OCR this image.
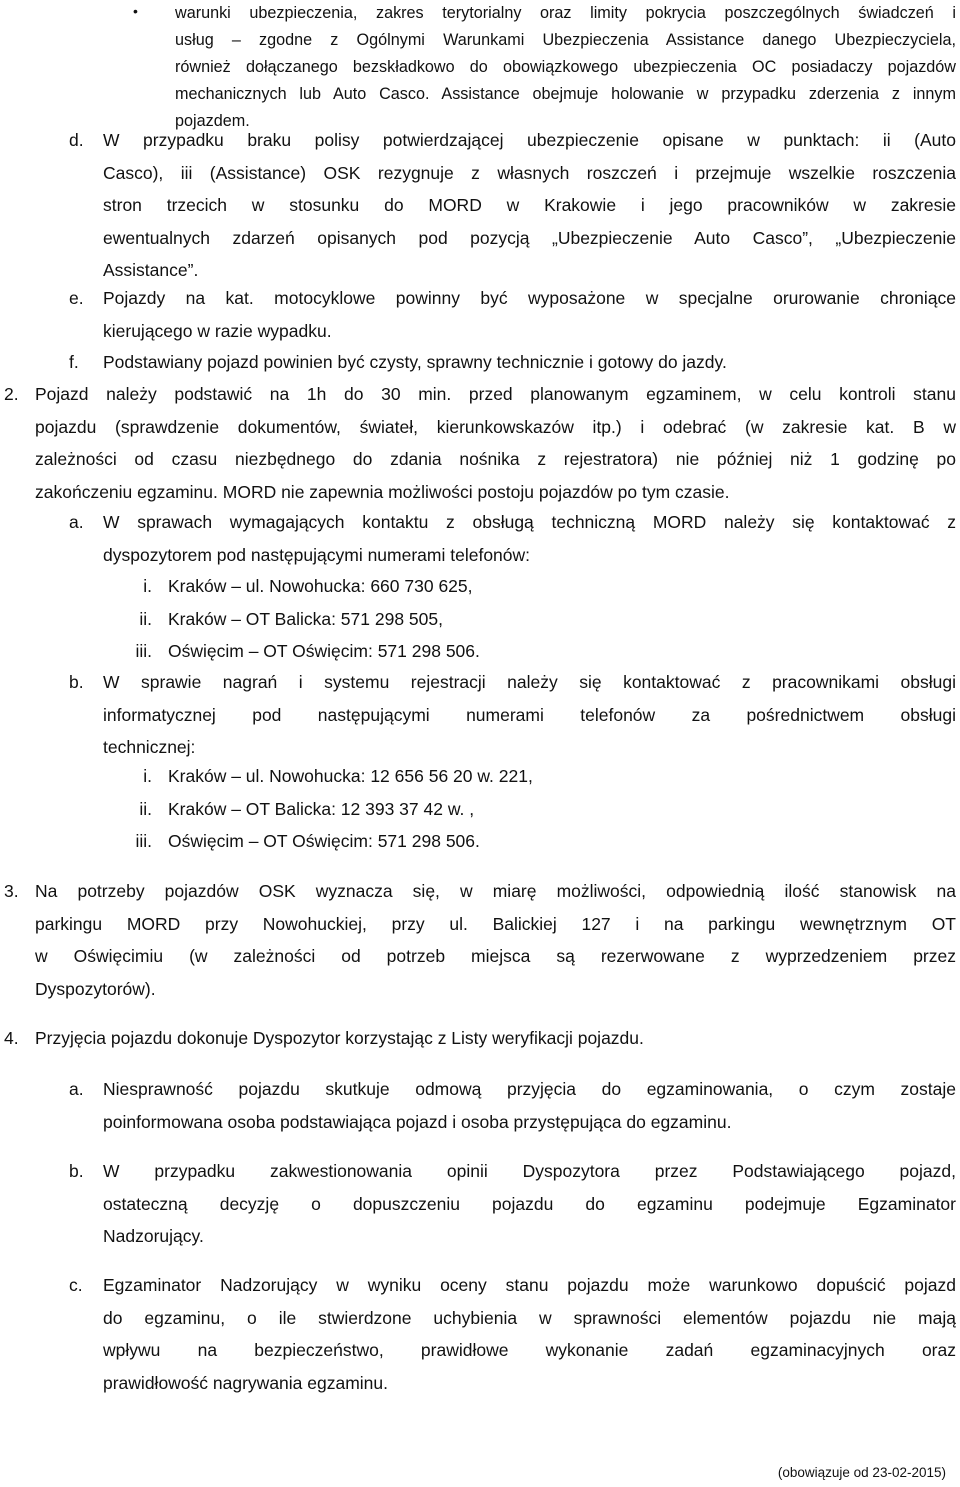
• warunki ubezpieczenia, zakres terytorialny oraz limity pokrycia poszczególnych świadczeń i
usług – zgodne z Ogólnymi Warunkami Ubezpieczenia Assistance danego Ubezpieczyciela,
również dołączanego bezskładkowo do obowiązkowego ubezpieczenia OC posiadaczy pojazdów
mechanicznych lub Auto Casco. Assistance obejmuje holowanie w przypadku zderzenia z innym
pojazdem.
d. W przypadku braku polisy potwierdzającej ubezpieczenie opisane w punktach: ii (Auto
Casco), iii (Assistance) OSK rezygnuje z własnych roszczeń i przejmuje wszelkie roszczenia
stron trzecich w stosunku do MORD w Krakowie i jego pracowników w zakresie
ewentualnych zdarzeń opisanych pod pozycją „Ubezpieczenie Auto Casco”, „Ubezpieczenie
Assistance”.
e. Pojazdy na kat. motocyklowe powinny być wyposażone w specjalne orurowanie chroniące
kierującego w razie wypadku.
f. Podstawiany pojazd powinien być czysty, sprawny technicznie i gotowy do jazdy.
2. Pojazd należy podstawić na 1h do 30 min. przed planowanym egzaminem, w celu kontroli stanu
pojazdu (sprawdzenie dokumentów, świateł, kierunkowskazów itp.) i odebrać (w zakresie kat. B w
zależności od czasu niezbędnego do zdania nośnika z rejestratora) nie później niż 1 godzinę po
zakończeniu egzaminu. MORD nie zapewnia możliwości postoju pojazdów po tym czasie.
a. W sprawach wymagających kontaktu z obsługą techniczną MORD należy się kontaktować z
dyspozytorem pod następującymi numerami telefonów:
i. Kraków – ul. Nowohucka: 660 730 625,
ii. Kraków – OT Balicka: 571 298 505,
iii. Oświęcim – OT Oświęcim: 571 298 506.
b. W sprawie nagrań i systemu rejestracji należy się kontaktować z pracownikami obsługi
informatycznej pod następującymi numerami telefonów za pośrednictwem obsługi
technicznej:
i. Kraków – ul. Nowohucka: 12 656 56 20 w. 221,
ii. Kraków – OT Balicka: 12 393 37 42 w. ,
iii. Oświęcim – OT Oświęcim: 571 298 506.
3. Na potrzeby pojazdów OSK wyznacza się, w miarę możliwości, odpowiednią ilość stanowisk na
parkingu MORD przy Nowohuckiej, przy ul. Balickiej 127 i na parkingu wewnętrznym OT
w Oświęcimiu (w zależności od potrzeb miejsca są rezerwowane z wyprzedzeniem przez
Dyspozytorów).
4. Przyjęcia pojazdu dokonuje Dyspozytor korzystając z Listy weryfikacji pojazdu.
a. Niesprawność pojazdu skutkuje odmową przyjęcia do egzaminowania, o czym zostaje
poinformowana osoba podstawiająca pojazd i osoba przystępująca do egzaminu.
b. W przypadku zakwestionowania opinii Dyspozytora przez Podstawiającego pojazd,
ostateczną decyzję o dopuszczeniu pojazdu do egzaminu podejmuje Egzaminator
Nadzorujący.
c. Egzaminator Nadzorujący w wyniku oceny stanu pojazdu może warunkowo dopuścić pojazd
do egzaminu, o ile stwierdzone uchybienia w sprawności elementów pojazdu nie mają
wpływu na bezpieczeństwo, prawidłowe wykonanie zadań egzaminacyjnych oraz
prawidłowość nagrywania egzaminu.
(obowiązuje od 23-02-2015)
